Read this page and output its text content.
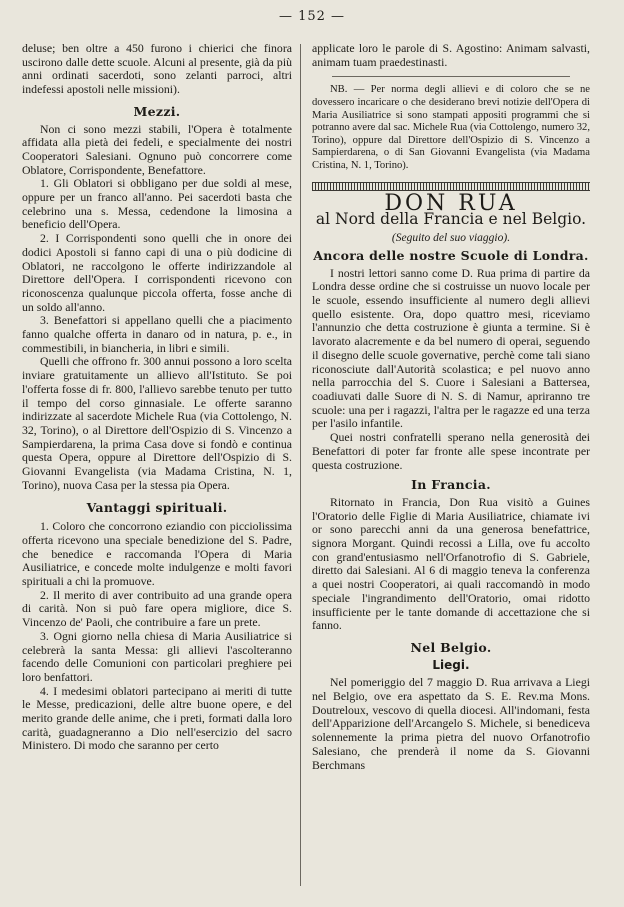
— 152 —

deluse; ben oltre a 450 furono i chierici che finora uscirono dalle dette scuole. Alcuni al presente, già da più anni ordinati sacerdoti, sono zelanti parroci, altri indefessi apostoli nelle missioni).

Mezzi.

Non ci sono mezzi stabili, l'Opera è totalmente affidata alla pietà dei fedeli, e specialmente dei nostri Cooperatori Salesiani. Ognuno può concorrere come Oblatore, Corrispondente, Benefattore.

1. Gli Oblatori si obbligano per due soldi al mese, oppure per un franco all'anno. Pei sacerdoti basta che celebrino una s. Messa, cedendone la limosina a beneficio dell'Opera.

2. I Corrispondenti sono quelli che in onore dei dodici Apostoli si fanno capi di una o più dodicine di Oblatori, ne raccolgono le offerte indirizzandole al Direttore dell'Opera. I corrispondenti ricevono con riconoscenza qualunque piccola offerta, fosse anche di un soldo all'anno.

3. Benefattori si appellano quelli che a piacimento fanno qualche offerta in danaro od in natura, p. e., in commestibili, in biancheria, in libri e simili.

Quelli che offrono fr. 300 annui possono a loro scelta inviare gratuitamente un allievo all'Istituto. Se poi l'offerta fosse di fr. 800, l'allievo sarebbe tenuto per tutto il tempo del corso ginnasiale. Le offerte saranno indirizzate al sacerdote Michele Rua (via Cottolengo, N. 32, Torino), o al Direttore dell'Ospizio di S. Vincenzo a Sampierdarena, la prima Casa dove si fondò e continua questa Opera, oppure al Direttore dell'Ospizio di S. Giovanni Evangelista (via Madama Cristina, N. 1, Torino), nuova Casa per la stessa pia Opera.

Vantaggi spirituali.

1. Coloro che concorrono eziandio con picciolissima offerta ricevono una speciale benedizione del S. Padre, che benedice e raccomanda l'Opera di Maria Ausiliatrice, e concede molte indulgenze e molti favori spirituali a chi la promuove.

2. Il merito di aver contribuito ad una grande opera di carità. Non si può fare opera migliore, dice S. Vincenzo de' Paoli, che contribuire a fare un prete.

3. Ogni giorno nella chiesa di Maria Ausiliatrice si celebrerà la santa Messa: gli allievi l'ascolteranno facendo delle Comunioni con particolari preghiere pei loro benfattori.

4. I medesimi oblatori partecipano ai meriti di tutte le Messe, predicazioni, delle altre buone opere, e del merito grande delle anime, che i preti, formati dalla loro carità, guadagneranno a Dio nell'esercizio del sacro Ministero. Di modo che saranno per certo

applicate loro le parole di S. Agostino: Animam salvasti, animam tuam praedestinasti.

NB. — Per norma degli allievi e di coloro che se ne dovessero incaricare o che desiderano brevi notizie dell'Opera di Maria Ausiliatrice si sono stampati appositi programmi che si potranno avere dal sac. Michele Rua (via Cottolengo, numero 32, Torino), oppure dal Direttore dell'Ospizio di S. Vincenzo a Sampierdarena, o di San Giovanni Evangelista (via Madama Cristina, N. 1, Torino).

DON RUA
al Nord della Francia e nel Belgio.
(Seguito del suo viaggio).
Ancora delle nostre Scuole di Londra.

I nostri lettori sanno come D. Rua prima di partire da Londra desse ordine che si costruisse un nuovo locale per le scuole, essendo insufficiente al numero degli allievi quello esistente. Ora, dopo quattro mesi, riceviamo l'annunzio che detta costruzione è giunta a termine. Si è lavorato alacremente e da bel numero di operai, seguendo il disegno delle scuole governative, perchè come tali siano riconosciute dall'Autorità scolastica; e pel nuovo anno nella parrocchia del S. Cuore i Salesiani a Battersea, coadiuvati dalle Suore di N. S. di Namur, apriranno tre scuole: una per i ragazzi, l'altra per le ragazze ed una terza per l'asilo infantile.

Quei nostri confratelli sperano nella generosità dei Benefattori di poter far fronte alle spese incontrate per questa costruzione.

In Francia.

Ritornato in Francia, Don Rua visitò a Guines l'Oratorio delle Figlie di Maria Ausiliatrice, chiamate ivi or sono parecchi anni da una generosa benefattrice, signora Morgant. Quindi recossi a Lilla, ove fu accolto con grand'entusiasmo nell'Orfanotrofio di S. Gabriele, diretto dai Salesiani. Al 6 di maggio teneva la conferenza a quei nostri Cooperatori, ai quali raccomandò in modo speciale l'ingrandimento dell'Oratorio, omai ridotto insufficiente per le tante domande di accettazione che si fanno.

Nel Belgio.
Liegi.

Nel pomeriggio del 7 maggio D. Rua arrivava a Liegi nel Belgio, ove era aspettato da S. E. Rev.ma Mons. Doutreloux, vescovo di quella diocesi. All'indomani, festa dell'Apparizione dell'Arcangelo S. Michele, si benediceva solennemente la prima pietra del nuovo Orfanotrofio Salesiano, che prenderà il nome da S. Giovanni Berchmans
